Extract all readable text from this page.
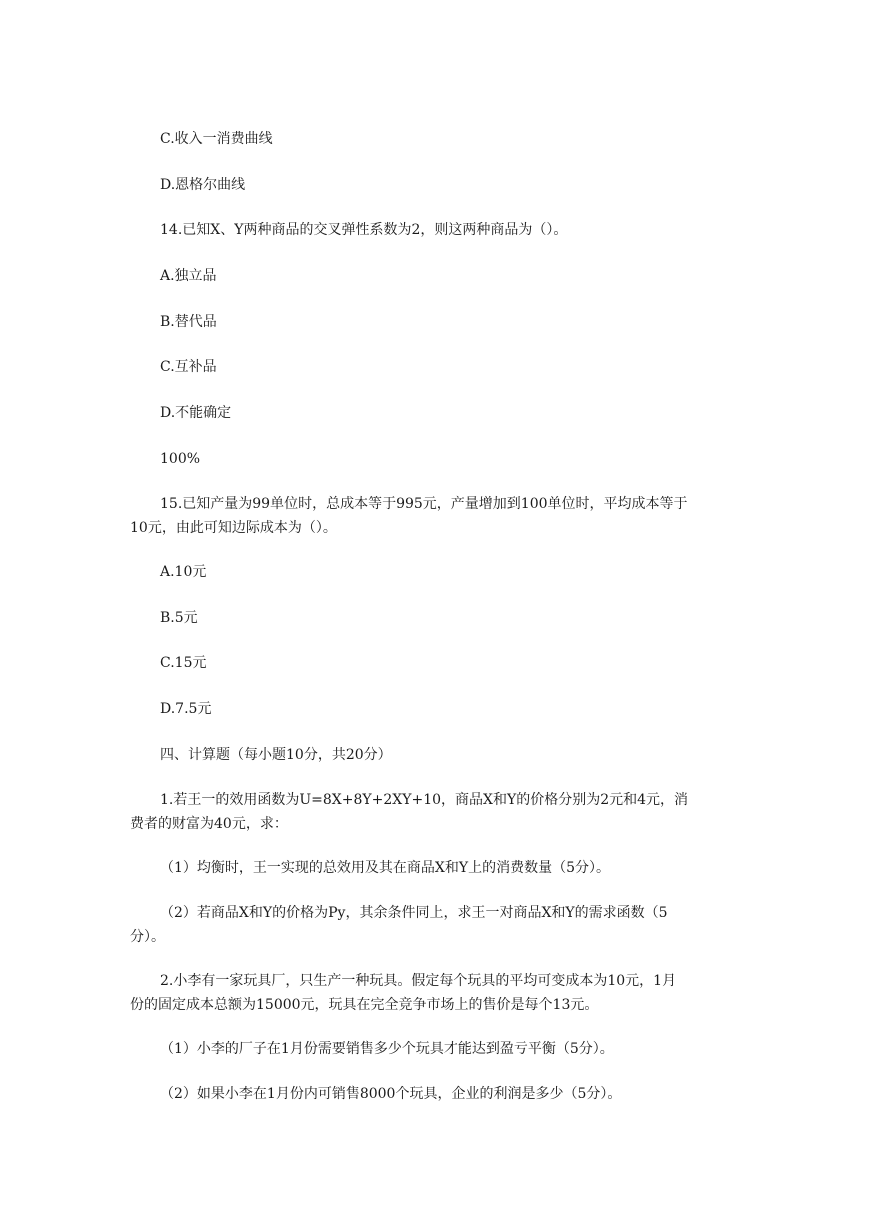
C.收入一消费曲线
D.恩格尔曲线
14.已知X、Y两种商品的交叉弹性系数为2，则这两种商品为（）。
A.独立品
B.替代品
C.互补品
D.不能确定
100%
15.已知产量为99单位时，总成本等于995元，产量增加到100单位时，平均成本等于
10元，由此可知边际成本为（）。
A.10元
B.5元
C.15元
D.7.5元
四、计算题（每小题10分，共20分）
1.若王一的效用函数为U=8X+8Y+2XY+10，商品X和Y的价格分别为2元和4元，消
费者的财富为40元，求：
（1）均衡时，王一实现的总效用及其在商品X和Y上的消费数量（5分）。
（2）若商品X和Y的价格为Py，其余条件同上，求王一对商品X和Y的需求函数（5
分）。
2.小李有一家玩具厂，只生产一种玩具。假定每个玩具的平均可变成本为10元，1月
份的固定成本总额为15000元，玩具在完全竞争市场上的售价是每个13元。
（1）小李的厂子在1月份需要销售多少个玩具才能达到盈亏平衡（5分）。
（2）如果小李在1月份内可销售8000个玩具，企业的利润是多少（5分）。
